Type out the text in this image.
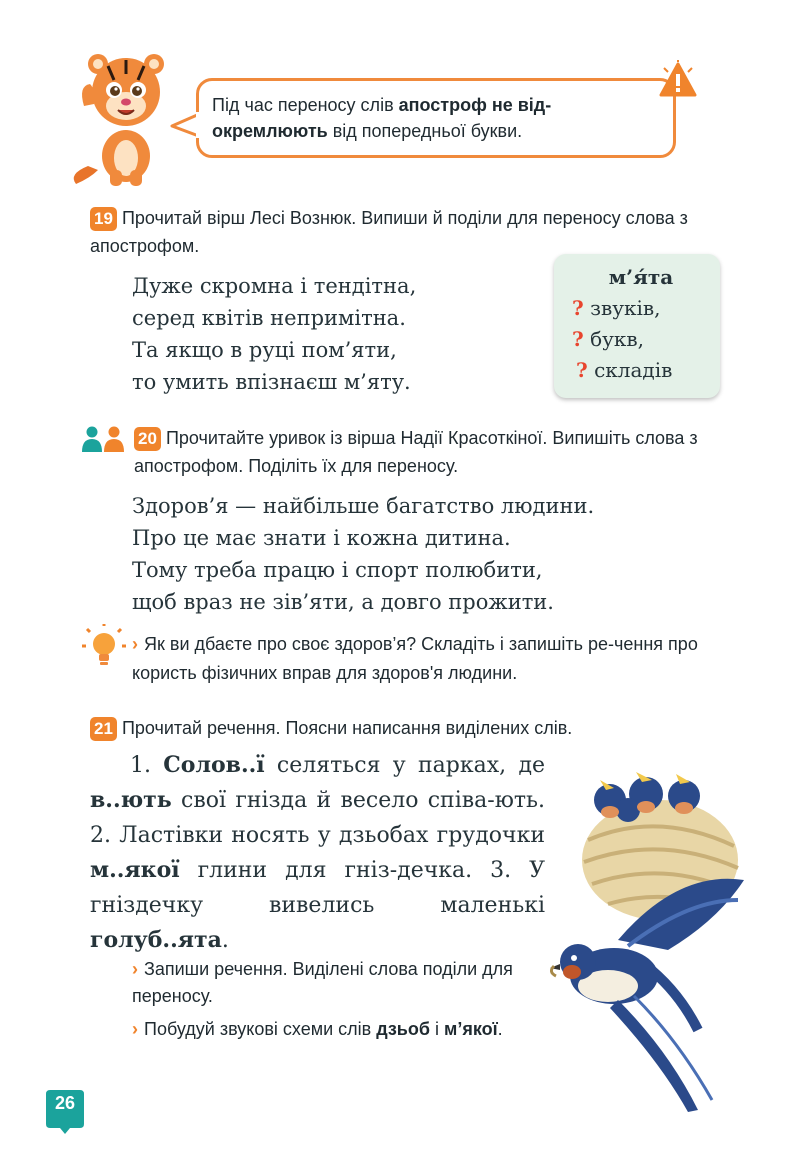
Під час переносу слів апостроф не від-окремлюють від попередньої букви.
19 Прочитай вірш Лесі Вознюк. Випиши й поділи для переносу слова з апострофом.
Дуже скромна і тендітна,
серед квітів непримітна.
Та якщо в руці пом’яти,
то умить впізнаєш м’яту.
м’я́та
? звуків,
? букв,
? складів
20 Прочитайте уривок із вірша Надії Красоткіної. Випишіть слова з апострофом. Поділіть їх для переносу.
Здоров’я — найбільше багатство людини.
Про це має знати і кожна дитина.
Тому треба працю і спорт полюбити,
щоб враз не зів’яти, а довго прожити.
› Як ви дбаєте про своє здоров’я? Складіть і запишіть ре-чення про користь фізичних вправ для здоров'я людини.
21 Прочитай речення. Поясни написання виділених слів.
1. Солов..ї селяться у парках, де в..ють свої гнізда й весело співа-ють. 2. Ластівки носять у дзьобах грудочки м..якої глини для гніз-дечка. 3. У гніздечку вивелись маленькі голуб..ята.
› Запиши речення. Виділені слова поділи для переносу.
› Побудуй звукові схеми слів дзьоб і м’якої.
26
